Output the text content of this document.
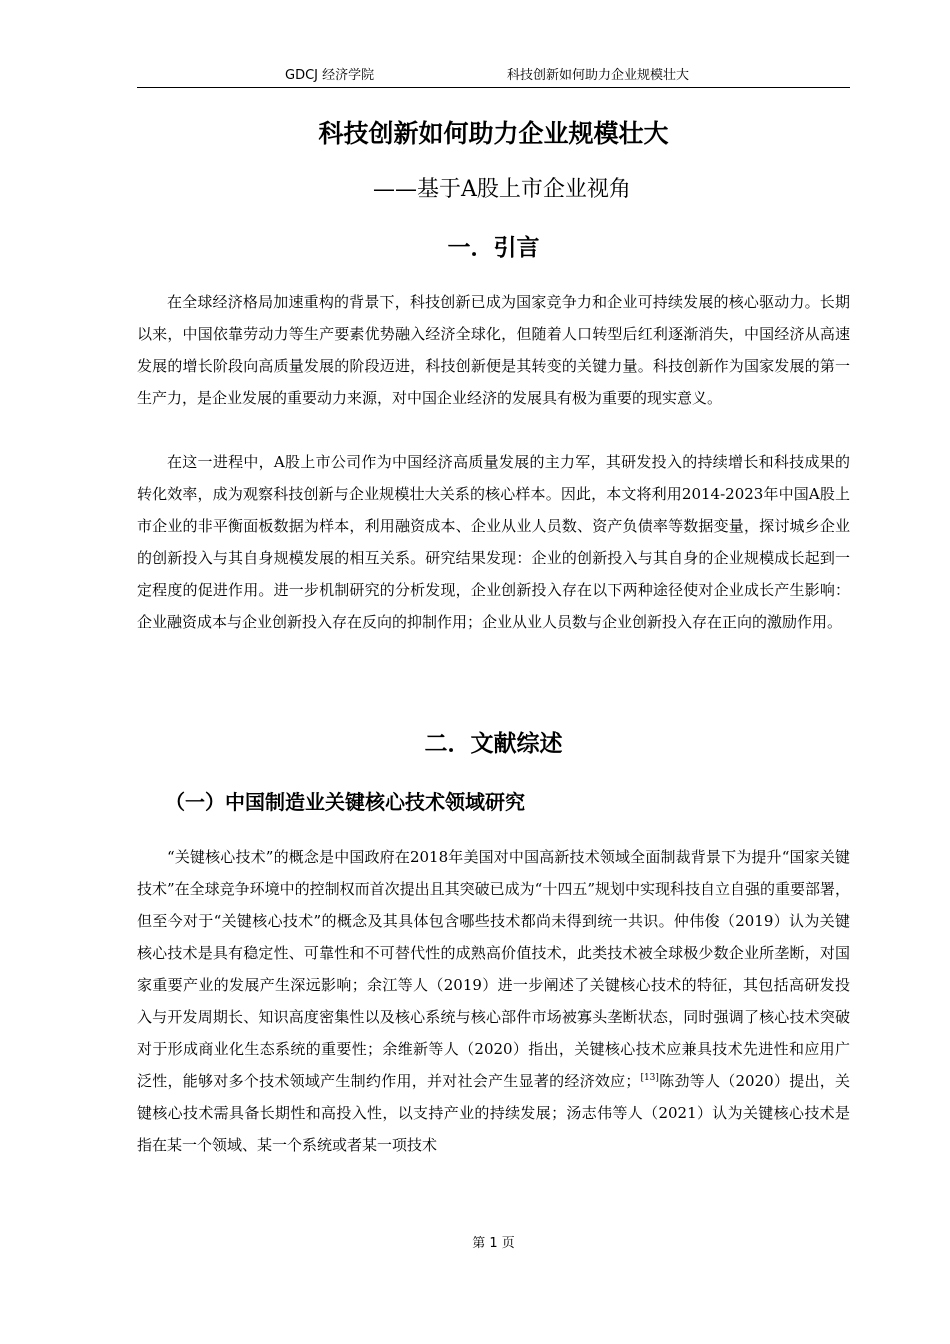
GDCJ 经济学院	科技创新如何助力企业规模壮大
科技创新如何助力企业规模壮大
——基于A股上市企业视角
一．引言

在全球经济格局加速重构的背景下，科技创新已成为国家竞争力和企业可持续发展的核心驱动力。长期以来，中国依靠劳动力等生产要素优势融入经济全球化，但随着人口转型后红利逐渐消失，中国经济从高速发展的增长阶段向高质量发展的阶段迈进，科技创新便是其转变的关键力量。科技创新作为国家发展的第一生产力，是企业发展的重要动力来源，对中国企业经济的发展具有极为重要的现实意义。

在这一进程中，A股上市公司作为中国经济高质量发展的主力军，其研发投入的持续增长和科技成果的转化效率，成为观察科技创新与企业规模壮大关系的核心样本。因此，本文将利用2014-2023年中国A股上市企业的非平衡面板数据为样本，利用融资成本、企业从业人员数、资产负债率等数据变量，探讨城乡企业的创新投入与其自身规模发展的相互关系。研究结果发现：企业的创新投入与其自身的企业规模成长起到一定程度的促进作用。进一步机制研究的分析发现，企业创新投入存在以下两种途径使对企业成长产生影响：企业融资成本与企业创新投入存在反向的抑制作用；企业从业人员数与企业创新投入存在正向的激励作用。

二．文献综述
（一）中国制造业关键核心技术领域研究

“关键核心技术”的概念是中国政府在2018年美国对中国高新技术领域全面制裁背景下为提升“国家关键技术”在全球竞争环境中的控制权而首次提出且其突破已成为“十四五”规划中实现科技自立自强的重要部署，但至今对于“关键核心技术”的概念及其具体包含哪些技术都尚未得到统一共识。仲伟俊（2019）认为关键核心技术是具有稳定性、可靠性和不可替代性的成熟高价值技术，此类技术被全球极少数企业所垄断，对国家重要产业的发展产生深远影响；余江等人（2019）进一步阐述了关键核心技术的特征，其包括高研发投入与开发周期长、知识高度密集性以及核心系统与核心部件市场被寡头垄断状态，同时强调了核心技术突破对于形成商业化生态系统的重要性；余维新等人（2020）指出，关键核心技术应兼具技术先进性和应用广泛性，能够对多个技术领域产生制约作用，并对社会产生显著的经济效应；[13]陈劲等人（2020）提出，关键核心技术需具备长期性和高投入性，以支持产业的持续发展；汤志伟等人（2021）认为关键核心技术是指在某一个领域、某一个系统或者某一项技术

第 1 页
